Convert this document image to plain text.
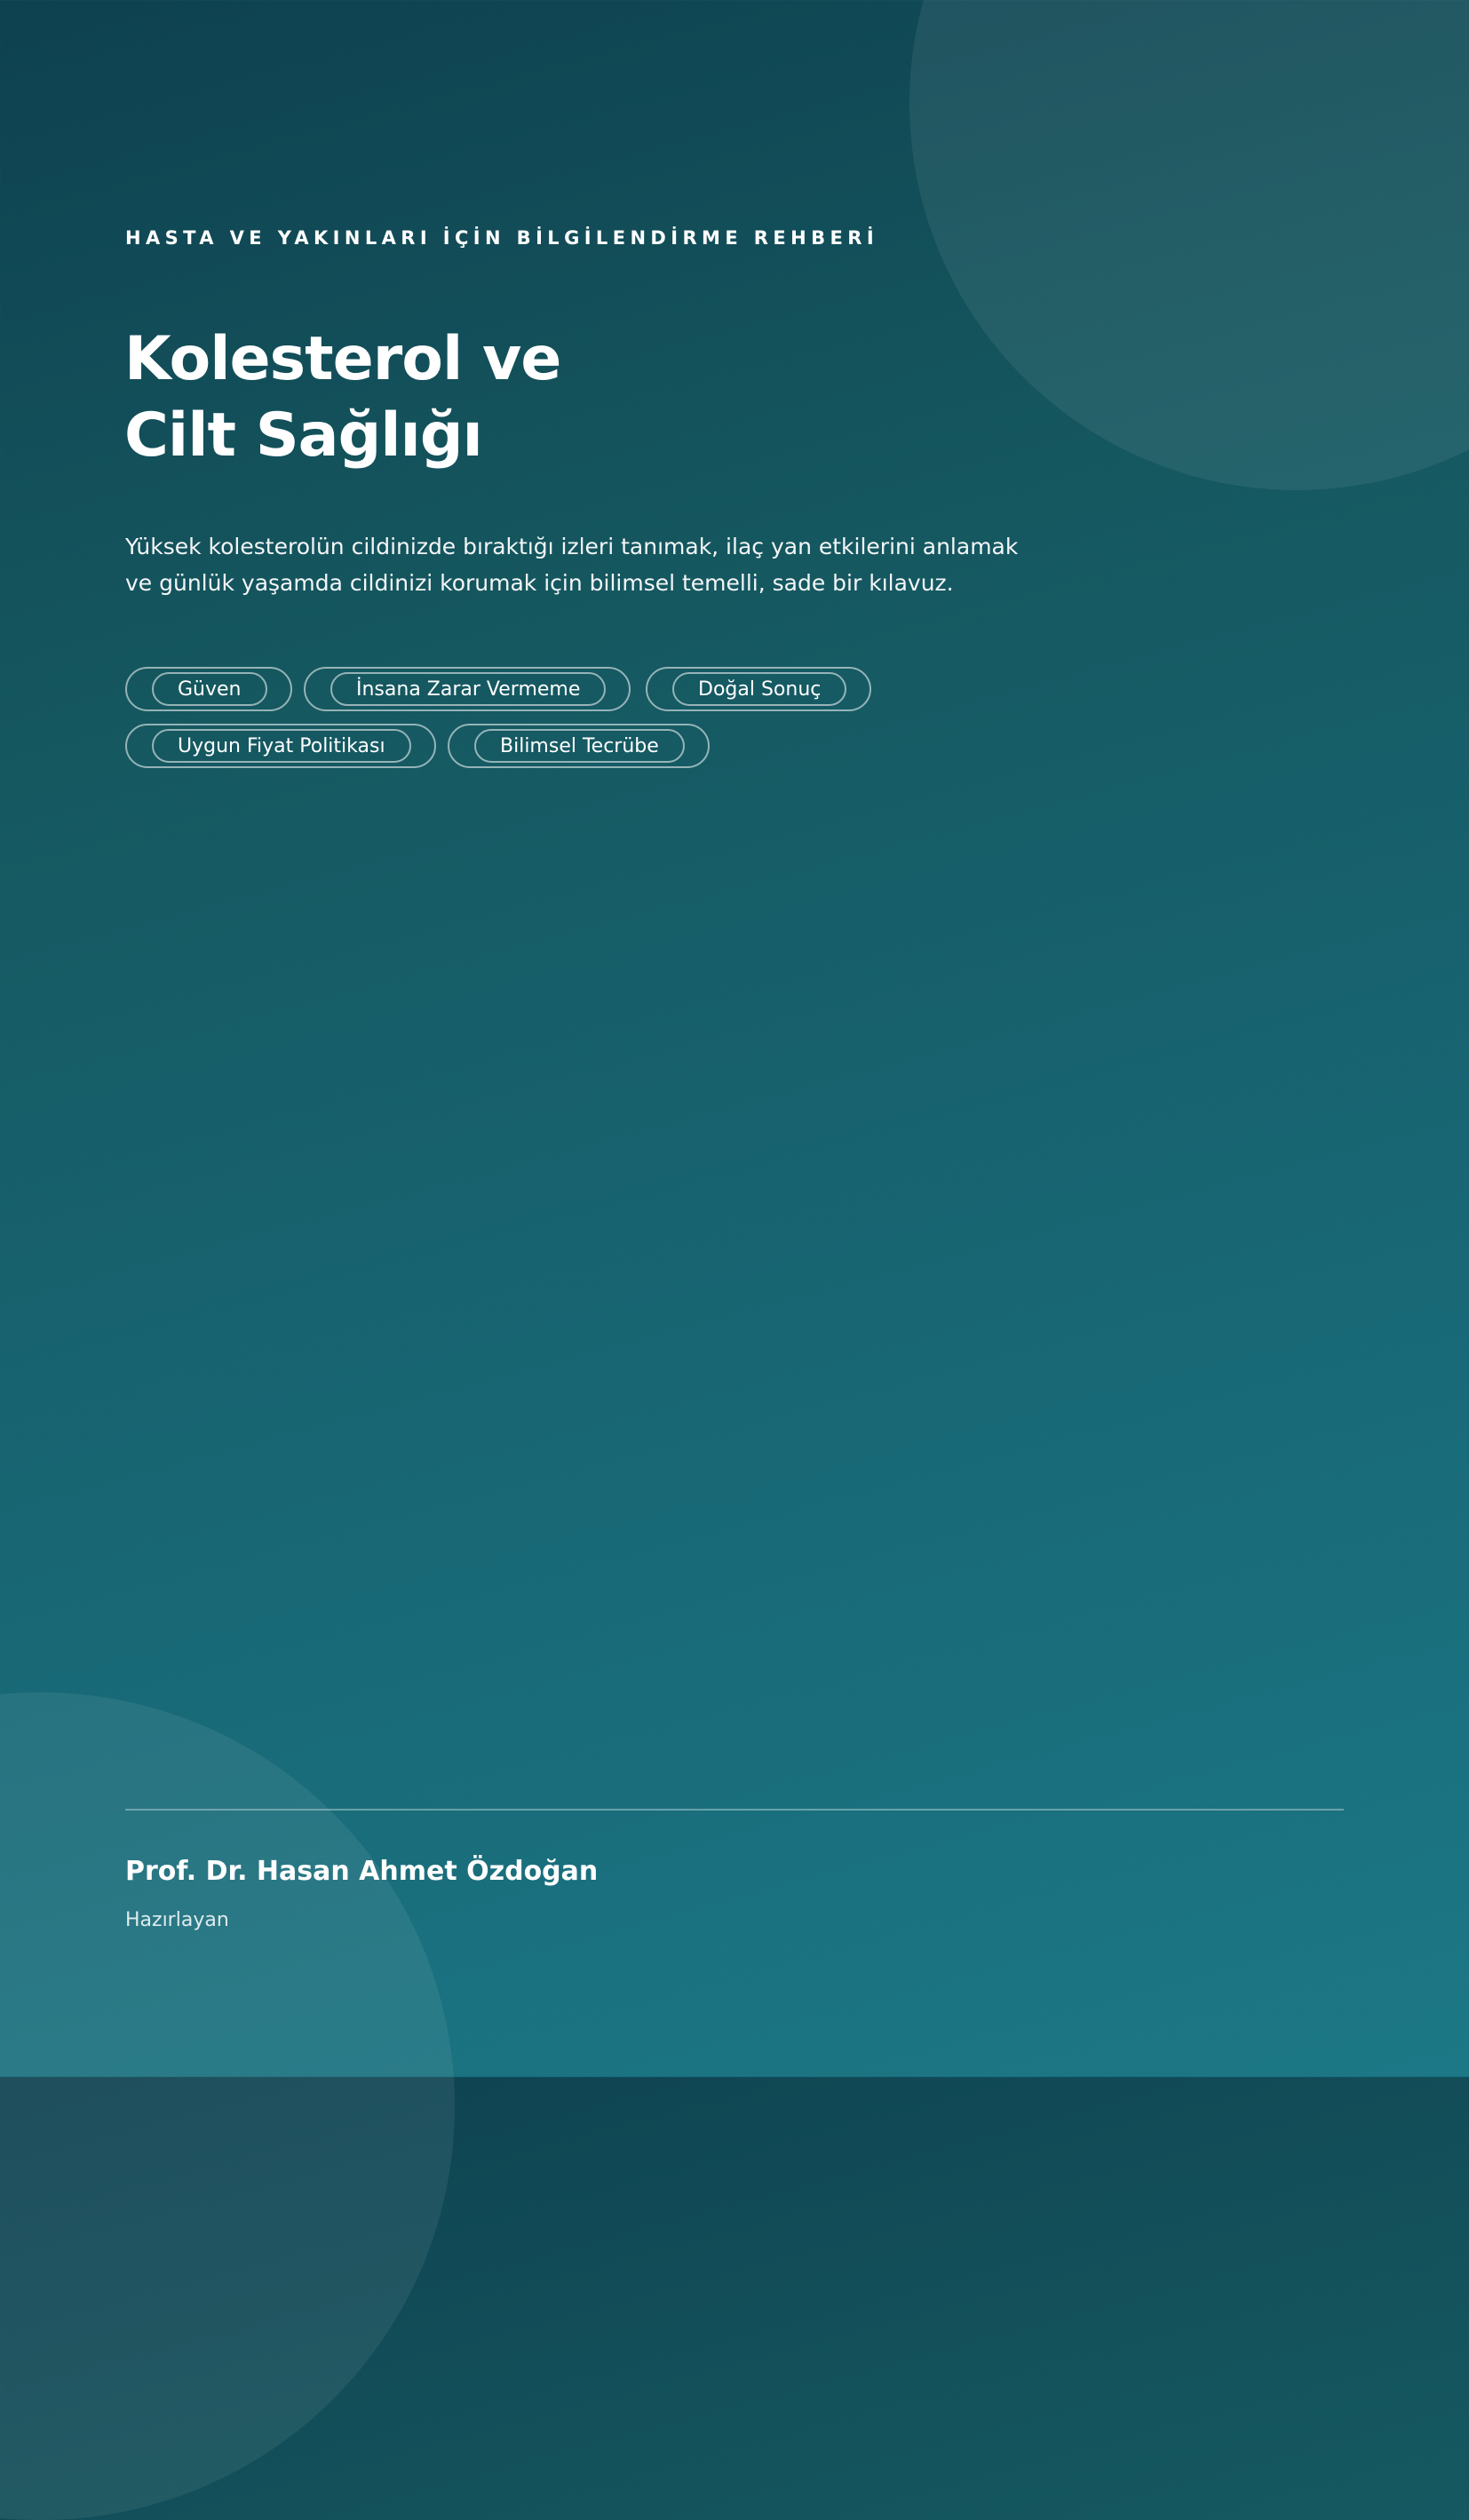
HASTA VE YAKINLARI İÇİN BİLGİLENDİRME REHBERİ
Kolesterol ve
Cilt Sağlığı

Yüksek kolesterolün cildinizde bıraktığı izleri tanımak, ilaç yan etkilerini anlamak
ve günlük yaşamda cildinizi korumak için bilimsel temelli, sade bir kılavuz.

Güven	İnsana Zarar Vermeme	Doğal Sonuç
Uygun Fiyat Politikası	Bilimsel Tecrübe
Prof. Dr. Hasan Ahmet Özdoğan
Hazırlayan
